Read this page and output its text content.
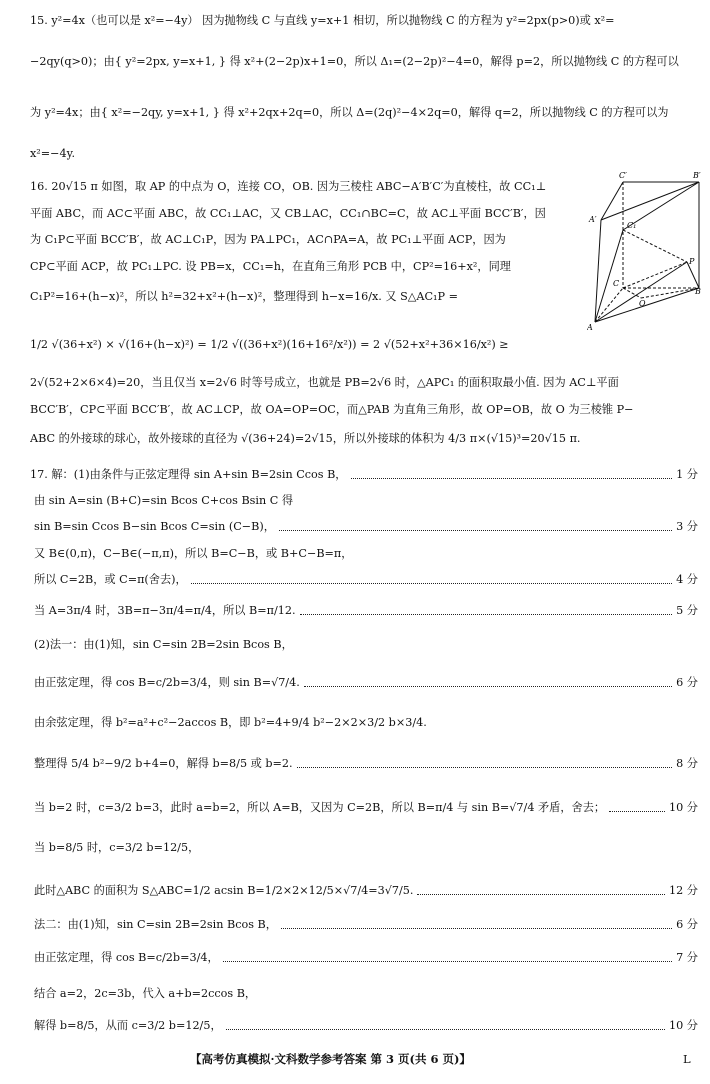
15. y²=4x（也可以是 x²=−4y） 因为抛物线 C 与直线 y=x+1 相切，所以抛物线 C 的方程为 y²=2px(p>0)或 x²=
−2qy(q>0)；由{ y²=2px, y=x+1, } 得 x²+(2−2p)x+1=0，所以 Δ₁=(2−2p)²−4=0，解得 p=2，所以抛物线 C 的方程可以
为 y²=4x；由{ x²=−2qy, y=x+1, } 得 x²+2qx+2q=0，所以 Δ=(2q)²−4×2q=0，解得 q=2，所以抛物线 C 的方程可以为
x²=−4y.
16. 20√15 π 如图，取 AP 的中点为 O，连接 CO，OB. 因为三棱柱 ABC−A′B′C′为直棱柱，故 CC₁⊥
平面 ABC，而 AC⊂平面 ABC，故 CC₁⊥AC，又 CB⊥AC，CC₁∩BC=C，故 AC⊥平面 BCC′B′，因
为 C₁P⊂平面 BCC′B′，故 AC⊥C₁P，因为 PA⊥PC₁，AC∩PA=A，故 PC₁⊥平面 ACP，因为
CP⊂平面 ACP，故 PC₁⊥PC. 设 PB=x，CC₁=h，在直角三角形 PCB 中，CP²=16+x²，同理
C₁P²=16+(h−x)²，所以 h²=32+x²+(h−x)²，整理得到 h−x=16/x. 又 S△AC₁P =
1/2 √(36+x²) × √(16+(h−x)²) = 1/2 √((36+x²)(16+16²/x²)) = 2 √(52+x²+36×16/x²) ≥
2√(52+2×6×4)=20，当且仅当 x=2√6 时等号成立，也就是 PB=2√6 时，△APC₁ 的面积取最小值. 因为 AC⊥平面
BCC′B′，CP⊂平面 BCC′B′，故 AC⊥CP，故 OA=OP=OC，而△PAB 为直角三角形，故 OP=OB，故 O 为三棱锥 P−
ABC 的外接球的球心，故外接球的直径为 √(36+24)=2√15，所以外接球的体积为 4/3 π×(√15)³=20√15 π.
C′	B′
A′
C₁
C
P
O
B
A
17. 解：(1)由条件与正弦定理得 sin A+sin B=2sin Ccos B，	1 分
由 sin A=sin (B+C)=sin Bcos C+cos Bsin C 得
sin B=sin Ccos B−sin Bcos C=sin (C−B)，	3 分
又 B∈(0,π)，C−B∈(−π,π)，所以 B=C−B，或 B+C−B=π，
所以 C=2B，或 C=π(舍去)，	4 分
当 A=3π/4 时，3B=π−3π/4=π/4，所以 B=π/12.	5 分
(2)法一：由(1)知，sin C=sin 2B=2sin Bcos B，
由正弦定理，得 cos B=c/2b=3/4，则 sin B=√7/4.	6 分
由余弦定理，得 b²=a²+c²−2accos B，即 b²=4+9/4 b²−2×2×3/2 b×3/4.
整理得 5/4 b²−9/2 b+4=0，解得 b=8/5 或 b=2.	8 分
当 b=2 时，c=3/2 b=3，此时 a=b=2，所以 A=B，又因为 C=2B，所以 B=π/4 与 sin B=√7/4 矛盾，舍去；	10 分
当 b=8/5 时，c=3/2 b=12/5，
此时△ABC 的面积为 S△ABC=1/2 acsin B=1/2×2×12/5×√7/4=3√7/5.	12 分
法二：由(1)知，sin C=sin 2B=2sin Bcos B，	6 分
由正弦定理，得 cos B=c/2b=3/4，	7 分
结合 a=2，2c=3b，代入 a+b=2ccos B，
解得 b=8/5，从而 c=3/2 b=12/5，	10 分
【高考仿真模拟·文科数学参考答案 第 3 页(共 6 页)】	L
